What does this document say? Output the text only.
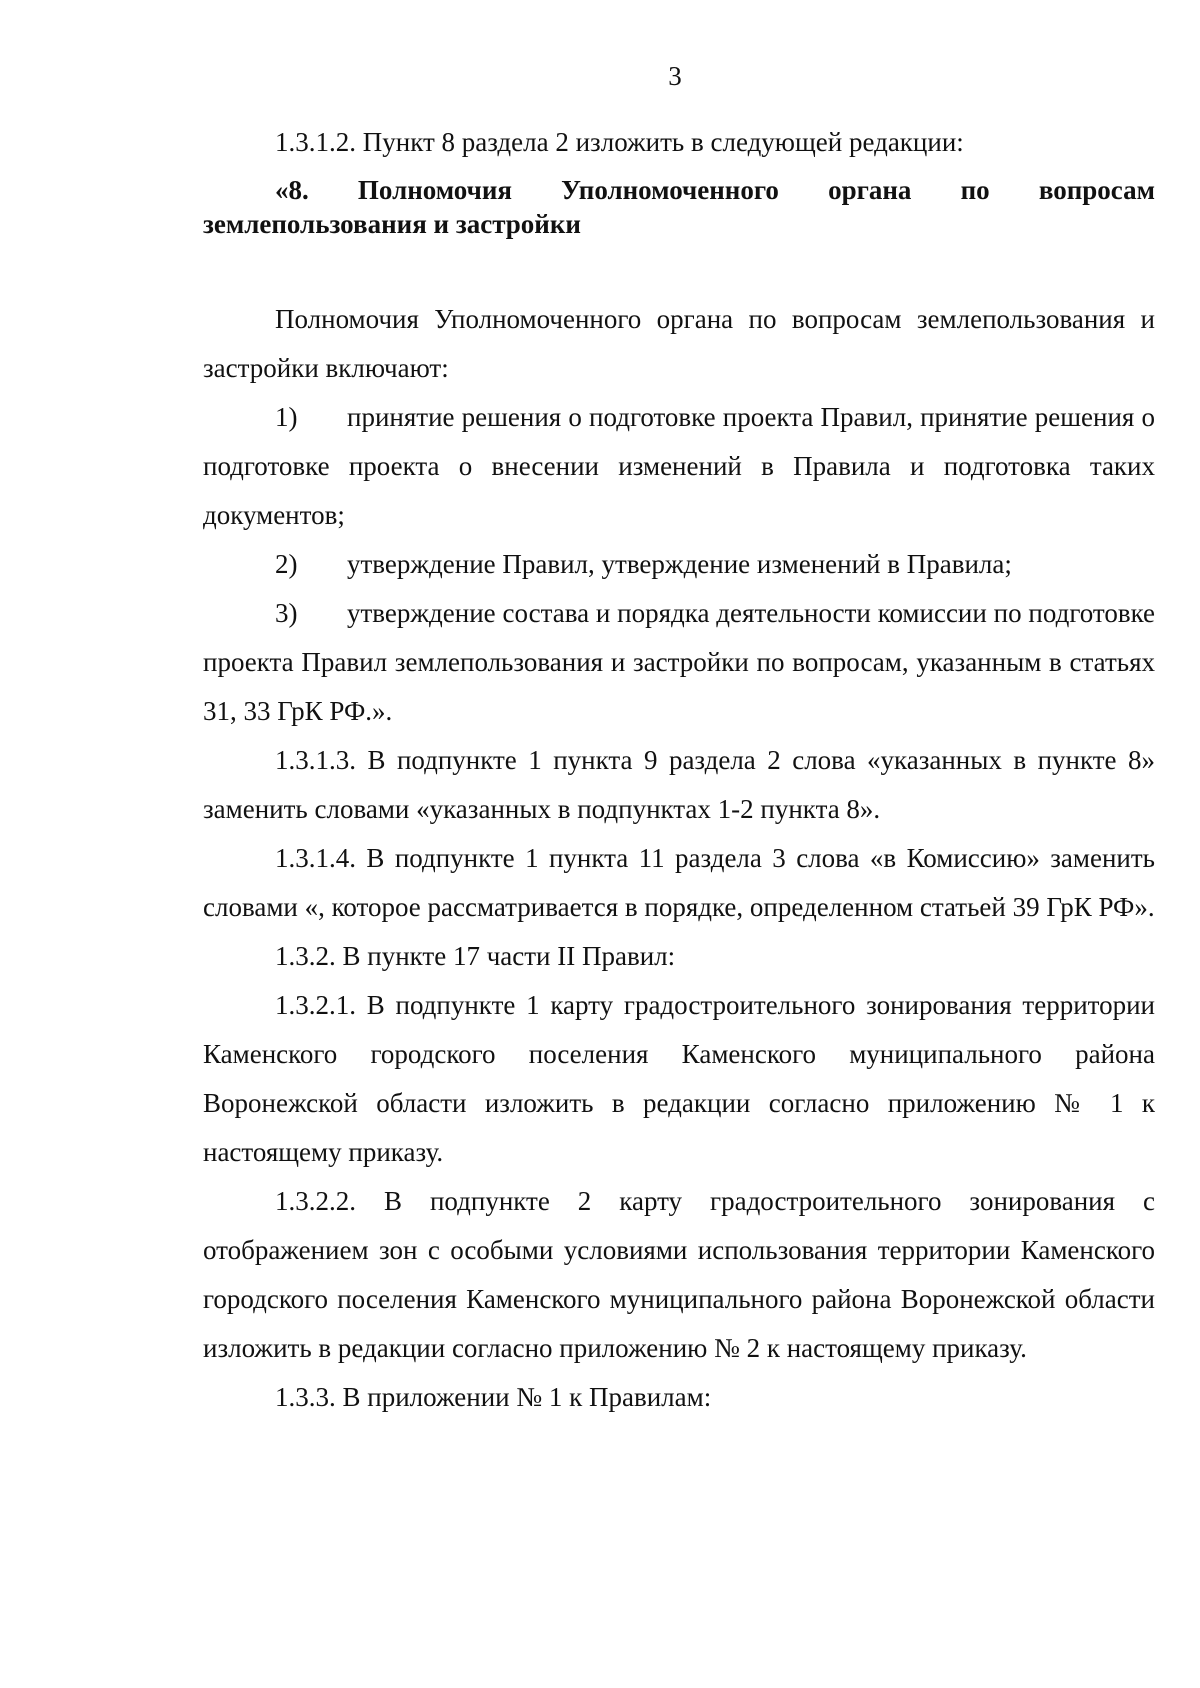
3

1.3.1.2. Пункт 8 раздела 2 изложить в следующей редакции:

«8. Полномочия Уполномоченного органа по вопросам землепользования и застройки

Полномочия Уполномоченного органа по вопросам землепользования и застройки включают:

1) принятие решения о подготовке проекта Правил, принятие решения о подготовке проекта о внесении изменений в Правила и подготовка таких документов;

2) утверждение Правил, утверждение изменений в Правила;

3) утверждение состава и порядка деятельности комиссии по подготовке проекта Правил землепользования и застройки по вопросам, указанным в статьях 31, 33 ГрК РФ.».

1.3.1.3. В подпункте 1 пункта 9 раздела 2 слова «указанных в пункте 8» заменить словами «указанных в подпунктах 1-2 пункта 8».

1.3.1.4. В подпункте 1 пункта 11 раздела 3 слова «в Комиссию» заменить словами «, которое рассматривается в порядке, определенном статьей 39 ГрК РФ».

1.3.2. В пункте 17 части II Правил:

1.3.2.1. В подпункте 1 карту градостроительного зонирования территории Каменского городского поселения Каменского муниципального района Воронежской области изложить в редакции согласно приложению № 1 к настоящему приказу.

1.3.2.2. В подпункте 2 карту градостроительного зонирования с отображением зон с особыми условиями использования территории Каменского городского поселения Каменского муниципального района Воронежской области изложить в редакции согласно приложению № 2 к настоящему приказу.

1.3.3. В приложении № 1 к Правилам:
